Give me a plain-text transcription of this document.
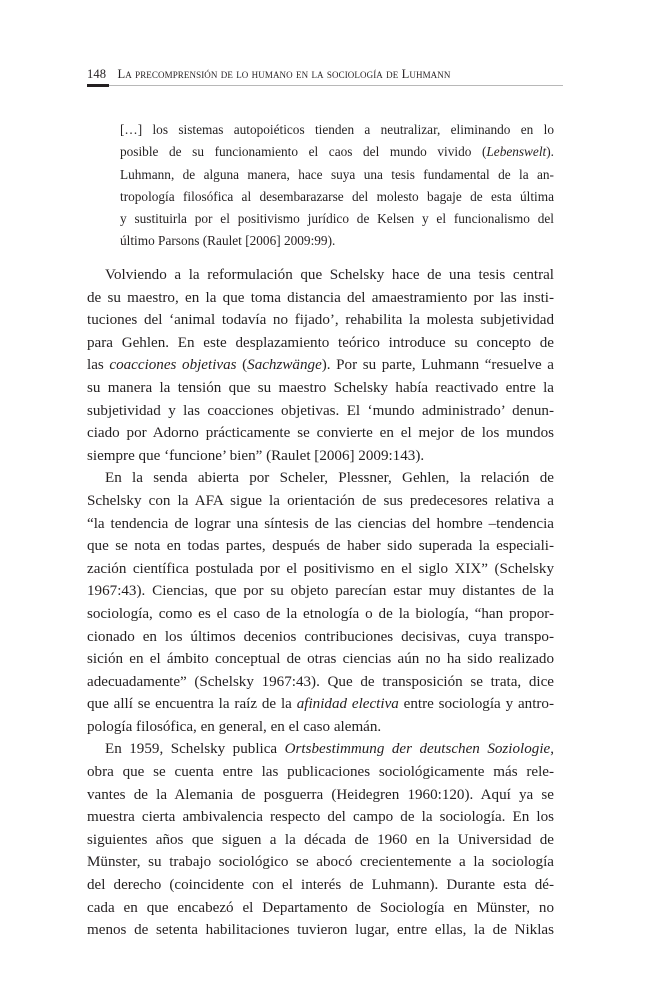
148 La precomprensión de lo humano en la sociología de Luhmann
[…] los sistemas autopoiéticos tienden a neutralizar, eliminando en lo
posible de su funcionamiento el caos del mundo vivido (Lebenswelt).
Luhmann, de alguna manera, hace suya una tesis fundamental de la an-
tropología filosófica al desembarazarse del molesto bagaje de esta última
y sustituirla por el positivismo jurídico de Kelsen y el funcionalismo del
último Parsons (Raulet [2006] 2009:99).
Volviendo a la reformulación que Schelsky hace de una tesis central
de su maestro, en la que toma distancia del amaestramiento por las insti-
tuciones del ‘animal todavía no fijado’, rehabilita la molesta subjetividad
para Gehlen. En este desplazamiento teórico introduce su concepto de
las coacciones objetivas (Sachzwänge). Por su parte, Luhmann “resuelve a
su manera la tensión que su maestro Schelsky había reactivado entre la
subjetividad y las coacciones objetivas. El ‘mundo administrado’ denun-
ciado por Adorno prácticamente se convierte en el mejor de los mundos
siempre que ‘funcione’ bien” (Raulet [2006] 2009:143).
En la senda abierta por Scheler, Plessner, Gehlen, la relación de
Schelsky con la AFA sigue la orientación de sus predecesores relativa a
“la tendencia de lograr una síntesis de las ciencias del hombre –tendencia
que se nota en todas partes, después de haber sido superada la especiali-
zación científica postulada por el positivismo en el siglo XIX” (Schelsky
1967:43). Ciencias, que por su objeto parecían estar muy distantes de la
sociología, como es el caso de la etnología o de la biología, “han propor-
cionado en los últimos decenios contribuciones decisivas, cuya transpo-
sición en el ámbito conceptual de otras ciencias aún no ha sido realizado
adecuadamente” (Schelsky 1967:43). Que de transposición se trata, dice
que allí se encuentra la raíz de la afinidad electiva entre sociología y antro-
pología filosófica, en general, en el caso alemán.
En 1959, Schelsky publica Ortsbestimmung der deutschen Soziologie,
obra que se cuenta entre las publicaciones sociológicamente más rele-
vantes de la Alemania de posguerra (Heidegren 1960:120). Aquí ya se
muestra cierta ambivalencia respecto del campo de la sociología. En los
siguientes años que siguen a la década de 1960 en la Universidad de
Münster, su trabajo sociológico se abocó crecientemente a la sociología
del derecho (coincidente con el interés de Luhmann). Durante esta dé-
cada en que encabezó el Departamento de Sociología en Münster, no
menos de setenta habilitaciones tuvieron lugar, entre ellas, la de Niklas
